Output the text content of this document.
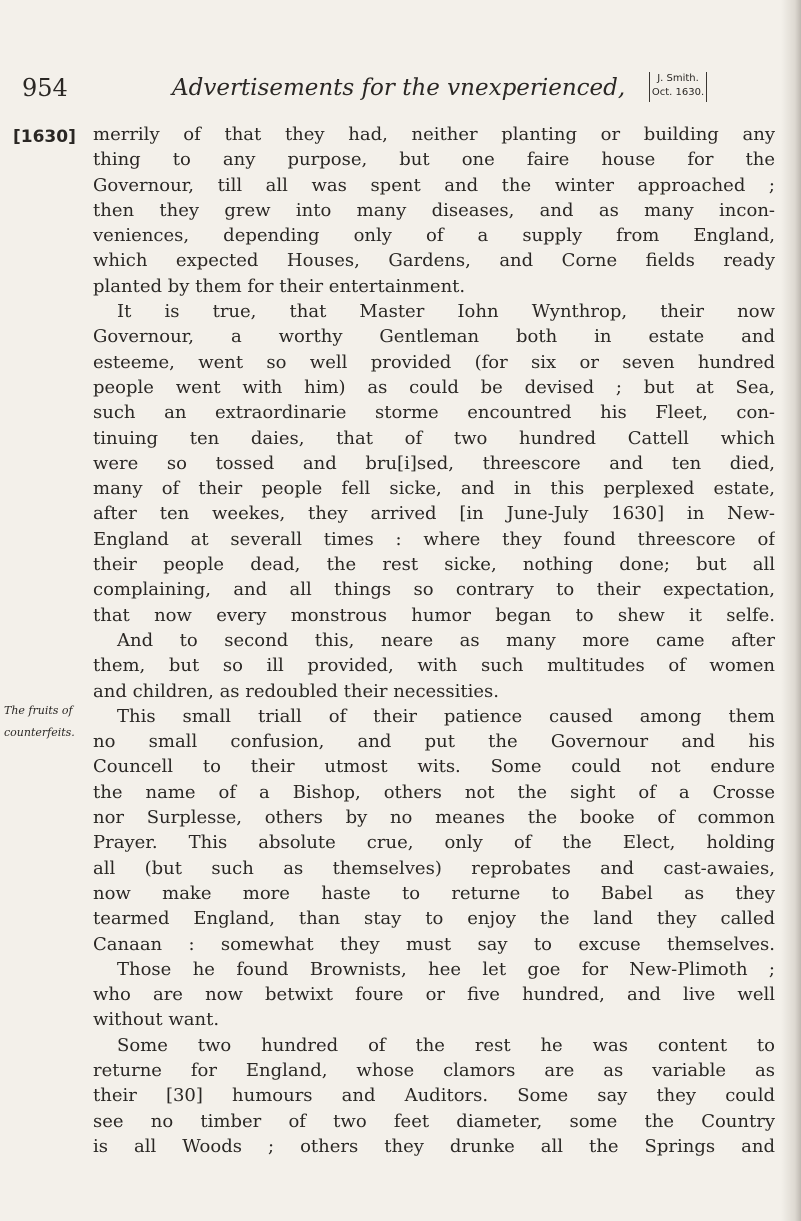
954	Advertisements for the vnexperienced,	J. Smith.
Oct. 1630.
[1630]
The fruits of
counterfeits.
merrily of that they had, neither planting or building any
thing to any purpose, but one faire house for the
Governour, till all was spent and the winter approached ;
then they grew into many diseases, and as many incon-
veniences, depending only of a supply from England,
which expected Houses, Gardens, and Corne fields ready
planted by them for their entertainment.
It is true, that Master Iohn Wynthrop, their now
Governour, a worthy Gentleman both in estate and
esteeme, went so well provided (for six or seven hundred
people went with him) as could be devised ; but at Sea,
such an extraordinarie storme encountred his Fleet, con-
tinuing ten daies, that of two hundred Cattell which
were so tossed and bru[i]sed, threescore and ten died,
many of their people fell sicke, and in this perplexed estate,
after ten weekes, they arrived [in June-July 1630] in New-
England at severall times : where they found threescore of
their people dead, the rest sicke, nothing done; but all
complaining, and all things so contrary to their expectation,
that now every monstrous humor began to shew it selfe.
And to second this, neare as many more came after
them, but so ill provided, with such multitudes of women
and children, as redoubled their necessities.
This small triall of their patience caused among them
no small confusion, and put the Governour and his
Councell to their utmost wits. Some could not endure
the name of a Bishop, others not the sight of a Crosse
nor Surplesse, others by no meanes the booke of common
Prayer. This absolute crue, only of the Elect, holding
all (but such as themselves) reprobates and cast-awaies,
now make more haste to returne to Babel as they
tearmed England, than stay to enjoy the land they called
Canaan : somewhat they must say to excuse themselves.
Those he found Brownists, hee let goe for New-Plimoth ;
who are now betwixt foure or five hundred, and live well
without want.
Some two hundred of the rest he was content to
returne for England, whose clamors are as variable as
their [30] humours and Auditors. Some say they could
see no timber of two feet diameter, some the Country
is all Woods ; others they drunke all the Springs and
